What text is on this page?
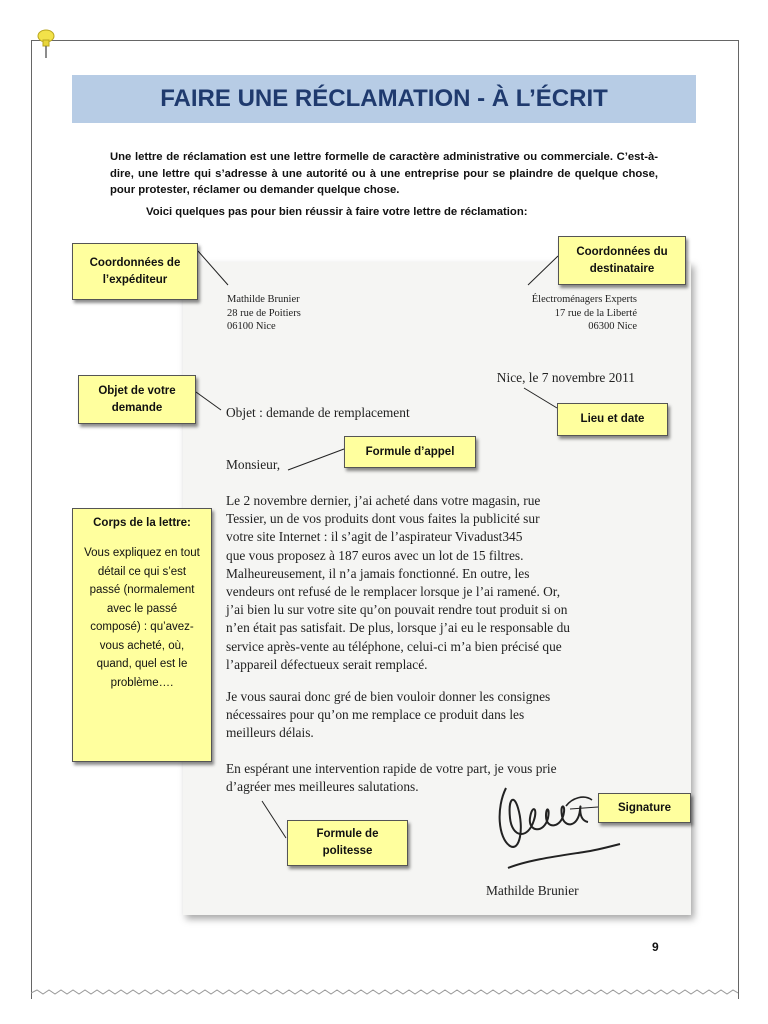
FAIRE UNE RÉCLAMATION - À L’ÉCRIT
Une lettre de réclamation est une lettre formelle de caractère administrative ou commerciale. C’est-à-dire, une lettre qui s’adresse à une autorité ou à une entreprise pour se plaindre de quelque chose, pour protester, réclamer ou demander quelque chose.
Voici quelques pas pour bien réussir à faire votre lettre de réclamation:
Mathilde Brunier
28 rue de Poitiers
06100 Nice
Électroménagers Experts
17 rue de la Liberté
06300 Nice
Nice, le 7 novembre 2011
Objet : demande de remplacement
Monsieur,
Le 2 novembre dernier, j’ai acheté dans votre magasin, rue
Tessier, un de vos produits dont vous faites la publicité sur
votre site Internet : il s’agit de l’aspirateur Vivadust345
que vous proposez à 187 euros avec un lot de 15 filtres.
Malheureusement, il n’a jamais fonctionné. En outre, les
vendeurs ont refusé de le remplacer lorsque je l’ai ramené. Or,
j’ai bien lu sur votre site qu’on pouvait rendre tout produit si on
n’en était pas satisfait. De plus, lorsque j’ai eu le responsable du
service après-vente au téléphone, celui-ci m’a bien précisé que
l’appareil défectueux serait remplacé.
Je vous saurai donc gré de bien vouloir donner les consignes
nécessaires pour qu’on me remplace ce produit dans les
meilleurs délais.
En espérant une intervention rapide de votre part, je vous prie
d’agréer mes meilleures salutations.
Mathilde Brunier
Coordonnées de l’expéditeur
Coordonnées du destinataire
Objet de votre demande
Lieu et date
Formule d’appel
Corps de la lettre:
Vous expliquez en tout détail ce qui s’est passé (normalement avec le passé composé) : qu’avez-vous acheté, où, quand, quel est le problème….
Signature
Formule de politesse
9
